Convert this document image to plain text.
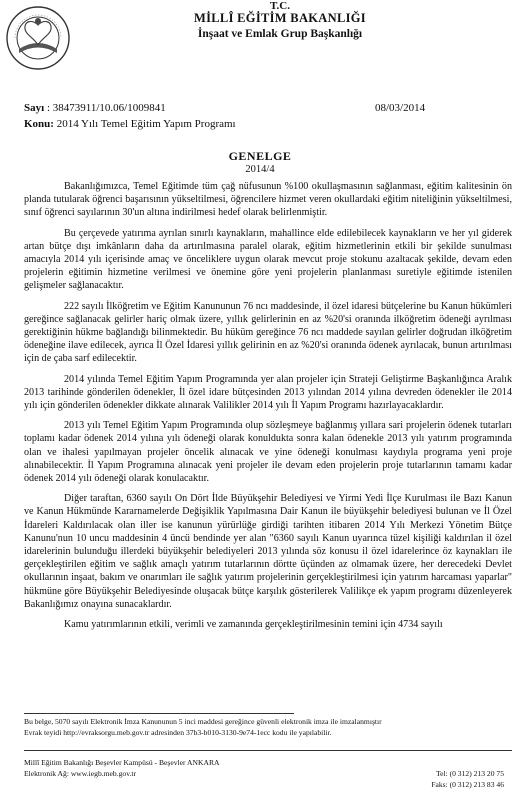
T.C.
MİLLÎ EĞİTİM BAKANLIĞI
İnşaat ve Emlak Grup Başkanlığı
Sayı : 38473911/10.06/1009841	08/03/2014
Konu: 2014 Yılı Temel Eğitim Yapım Programı
GENELGE
2014/4

Bakanlığımızca, Temel Eğitimde tüm çağ nüfusunun %100 okullaşmasının sağlanması, eğitim kalitesinin ön planda tutularak öğrenci başarısının yükseltilmesi, öğrencilere hizmet veren okullardaki eğitim niteliğinin yükseltilmesi, sınıf öğrenci sayılarının 30'un altına indirilmesi hedef olarak belirlenmiştir.

Bu çerçevede yatırıma ayrılan sınırlı kaynakların, mahallince elde edilebilecek kaynakların ve her yıl giderek artan bütçe dışı imkânların daha da artırılmasına paralel olarak, eğitim hizmetlerinin etkili bir şekilde sunulması amacıyla 2014 yılı içerisinde amaç ve önceliklere uygun olarak mevcut proje stokunu azaltacak şekilde, devam eden projelerin eğitimin hizmetine verilmesi ve önemine göre yeni projelerin planlanması suretiyle eğitimde istenilen gelişmeler sağlanacaktır.

222 sayılı İlköğretim ve Eğitim Kanununun 76 ncı maddesinde, il özel idaresi bütçelerine bu Kanun hükümleri gereğince sağlanacak gelirler hariç olmak üzere, yıllık gelirlerinin en az %20'si oranında ilköğretim ödeneği ayrılması gerektiğinin hükme bağlandığı bilinmektedir. Bu hüküm gereğince 76 ncı maddede sayılan gelirler doğrudan ilköğretim ödeneğine ilave edilecek, ayrıca İl Özel İdaresi yıllık gelirinin en az %20'si oranında ödenek ayrılacak, bunun artırılması için de çaba sarf edilecektir.

2014 yılında Temel Eğitim Yapım Programında yer alan projeler için Strateji Geliştirme Başkanlığınca Aralık 2013 tarihinde gönderilen ödenekler, İl özel idare bütçesinden 2013 yılından 2014 yılına devreden ödenekler ile 2014 yılı için gönderilen ödenekler dikkate alınarak Valilikler 2014 yılı İl Yapım Programı hazırlayacaklardır.

2013 yılı Temel Eğitim Yapım Programında olup sözleşmeye bağlanmış yıllara sari projelerin ödenek tutarları toplamı kadar ödenek 2014 yılına yılı ödeneği olarak konuldukta sonra kalan ödenekle 2013 yılı yatırım programında olan ve ihalesi yapılmayan projeler öncelik alınacak ve yine ödeneği konulması kaydıyla programa yeni proje alınabilecektir. İl Yapım Programına alınacak yeni projeler ile devam eden projelerin proje tutarlarının tamamı kadar ödenek 2014 yılı ödeneği olarak konulacaktır.

Diğer taraftan, 6360 sayılı On Dört İlde Büyükşehir Belediyesi ve Yirmi Yedi İlçe Kurulması ile Bazı Kanun ve Kanun Hükmünde Kararnamelerde Değişiklik Yapılmasına Dair Kanun ile büyükşehir belediyesi bulunan ve İl Özel İdareleri Kaldırılacak olan iller ise kanunun yürürlüğe girdiği tarihten itibaren 2014 Yılı Merkezi Yönetim Bütçe Kanunu'nun 10 uncu maddesinin 4 üncü bendinde yer alan "6360 sayılı Kanun uyarınca tüzel kişiliği kaldırılan il özel idarelerinin bulunduğu illerdeki büyükşehir belediyeleri 2013 yılında söz konusu il özel idarelerince öz kaynakları ile gerçekleştirilen eğitim ve sağlık amaçlı yatırım tutarlarının dörtte üçünden az olmamak üzere, her derecedeki Devlet okullarının inşaat, bakım ve onarımları ile sağlık yatırım projelerinin gerçekleştirilmesi için yatırım harcaması yaparlar" hükmüne göre Büyükşehir Belediyesinde oluşacak bütçe karşılık gösterilerek Valilikçe ek yapım programı düzenleyerek Bakanlığımız onayına sunacaklardır.

Kamu yatırımlarının etkili, verimli ve zamanında gerçekleştirilmesinin temini için 4734 sayılı

Bu belge, 5070 sayılı Elektronik İmza Kanununun 5 inci maddesi gereğince güvenli elektronik imza ile imzalanmıştır
Evrak teyidi http://evraksorgu.meb.gov.tr adresinden 37b3-b010-3130-9e74-1ecc kodu ile yapılabilir.
Millî Eğitim Bakanlığı Beşevler Kampüsü - Beşevler ANKARA
Elektronik Ağ: www.iegb.meb.gov.tr	Tel: (0 312) 213 20 75
Faks: (0 312) 213 83 46
